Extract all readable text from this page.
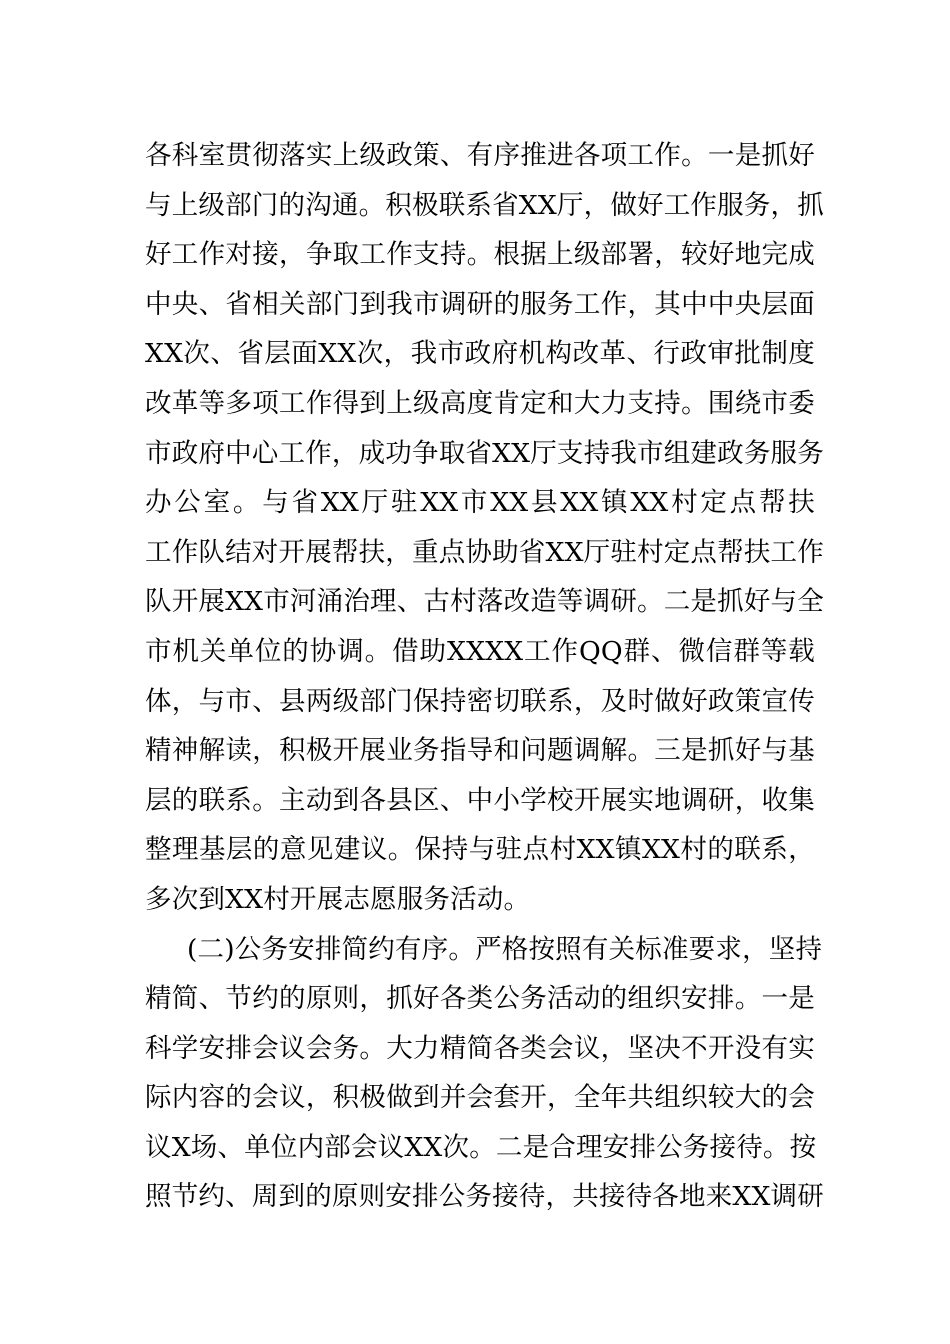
各科室贯彻落实上级政策、有序推进各项工作。一是抓好
与上级部门的沟通。积极联系省XX厅，做好工作服务，抓
好工作对接，争取工作支持。根据上级部署，较好地完成
中央、省相关部门到我市调研的服务工作，其中中央层面
XX次、省层面XX次，我市政府机构改革、行政审批制度
改革等多项工作得到上级高度肯定和大力支持。围绕市委
市政府中心工作，成功争取省XX厅支持我市组建政务服务
办公室。与省XX厅驻XX市XX县XX镇XX村定点帮扶
工作队结对开展帮扶，重点协助省XX厅驻村定点帮扶工作
队开展XX市河涌治理、古村落改造等调研。二是抓好与全
市机关单位的协调。借助XXXX工作QQ群、微信群等载
体，与市、县两级部门保持密切联系，及时做好政策宣传
精神解读，积极开展业务指导和问题调解。三是抓好与基
层的联系。主动到各县区、中小学校开展实地调研，收集
整理基层的意见建议。保持与驻点村XX镇XX村的联系，
多次到XX村开展志愿服务活动。
(二)公务安排简约有序。严格按照有关标准要求，坚持
精简、节约的原则，抓好各类公务活动的组织安排。一是
科学安排会议会务。大力精简各类会议，坚决不开没有实
际内容的会议，积极做到并会套开，全年共组织较大的会
议X场、单位内部会议XX次。二是合理安排公务接待。按
照节约、周到的原则安排公务接待，共接待各地来XX调研
